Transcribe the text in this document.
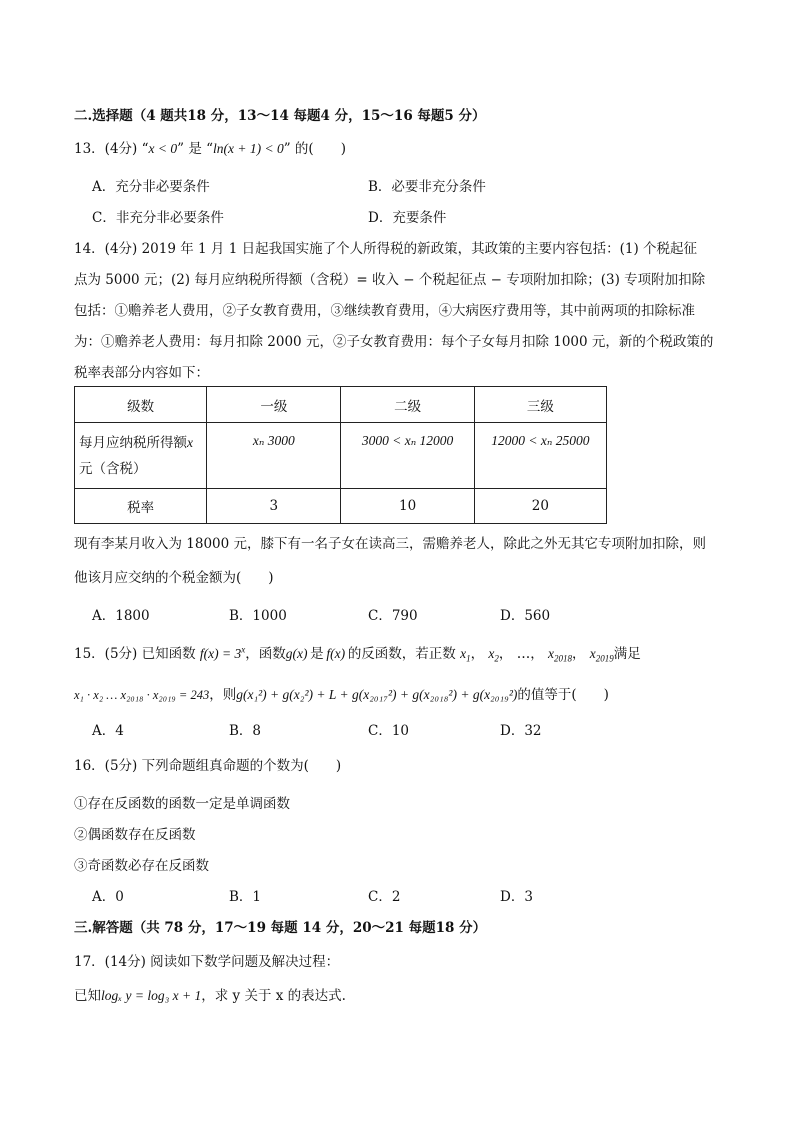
二.选择题（4 题共18 分，13～14 每题4 分，15～16 每题5 分）
13．(4分) “x < 0” 是 “ln(x + 1) < 0” 的(　　)
A．充分非必要条件	B．必要非充分条件
C．非充分非必要条件	D．充要条件
14．(4分) 2019 年 1 月 1 日起我国实施了个人所得税的新政策，其政策的主要内容包括：(1) 个税起征
点为 5000 元；(2) 每月应纳税所得额（含税）= 收入 − 个税起征点 − 专项附加扣除；(3) 专项附加扣除
包括：①赡养老人费用，②子女教育费用，③继续教育费用，④大病医疗费用等，其中前两项的扣除标准
为：①赡养老人费用：每月扣除 2000 元，②子女教育费用：每个子女每月扣除 1000 元，新的个税政策的
税率表部分内容如下：
级数	一级	二级	三级
每月应纳税所得额x
元（含税）	xₙ 3000	3000 < xₙ 12000	12000 < xₙ 25000
税率	3	10	20
现有李某月收入为 18000 元，膝下有一名子女在读高三，需赡养老人，除此之外无其它专项附加扣除，则
他该月应交纳的个税金额为(　　)
A．1800	B．1000	C．790	D．560
15．(5分) 已知函数 $f(x) = 3^x$，函数g(x)  是  f(x)  的反函数，若正数 $x_1$， $x_2$， …， $x_{2018}$， $x_{2019}$满足
x₁ · x₂ … x₂₀₁₈ · x₂₀₁₉ = 243，则g(x₁²) + g(x₂²) + L + g(x₂₀₁₇²) + g(x₂₀₁₈²) + g(x₂₀₁₉²)的值等于(　　)
A．4	B．8	C．10	D．32
16．(5分) 下列命题组真命题的个数为(　　)
①存在反函数的函数一定是单调函数
②偶函数存在反函数
③奇函数必存在反函数
A．0	B．1	C．2	D．3
三.解答题（共 78 分，17～19 每题 14 分，20～21 每题18 分）
17．(14分) 阅读如下数学问题及解决过程：
已知logₓ y = log₃ x + 1，求 y 关于 x 的表达式.
